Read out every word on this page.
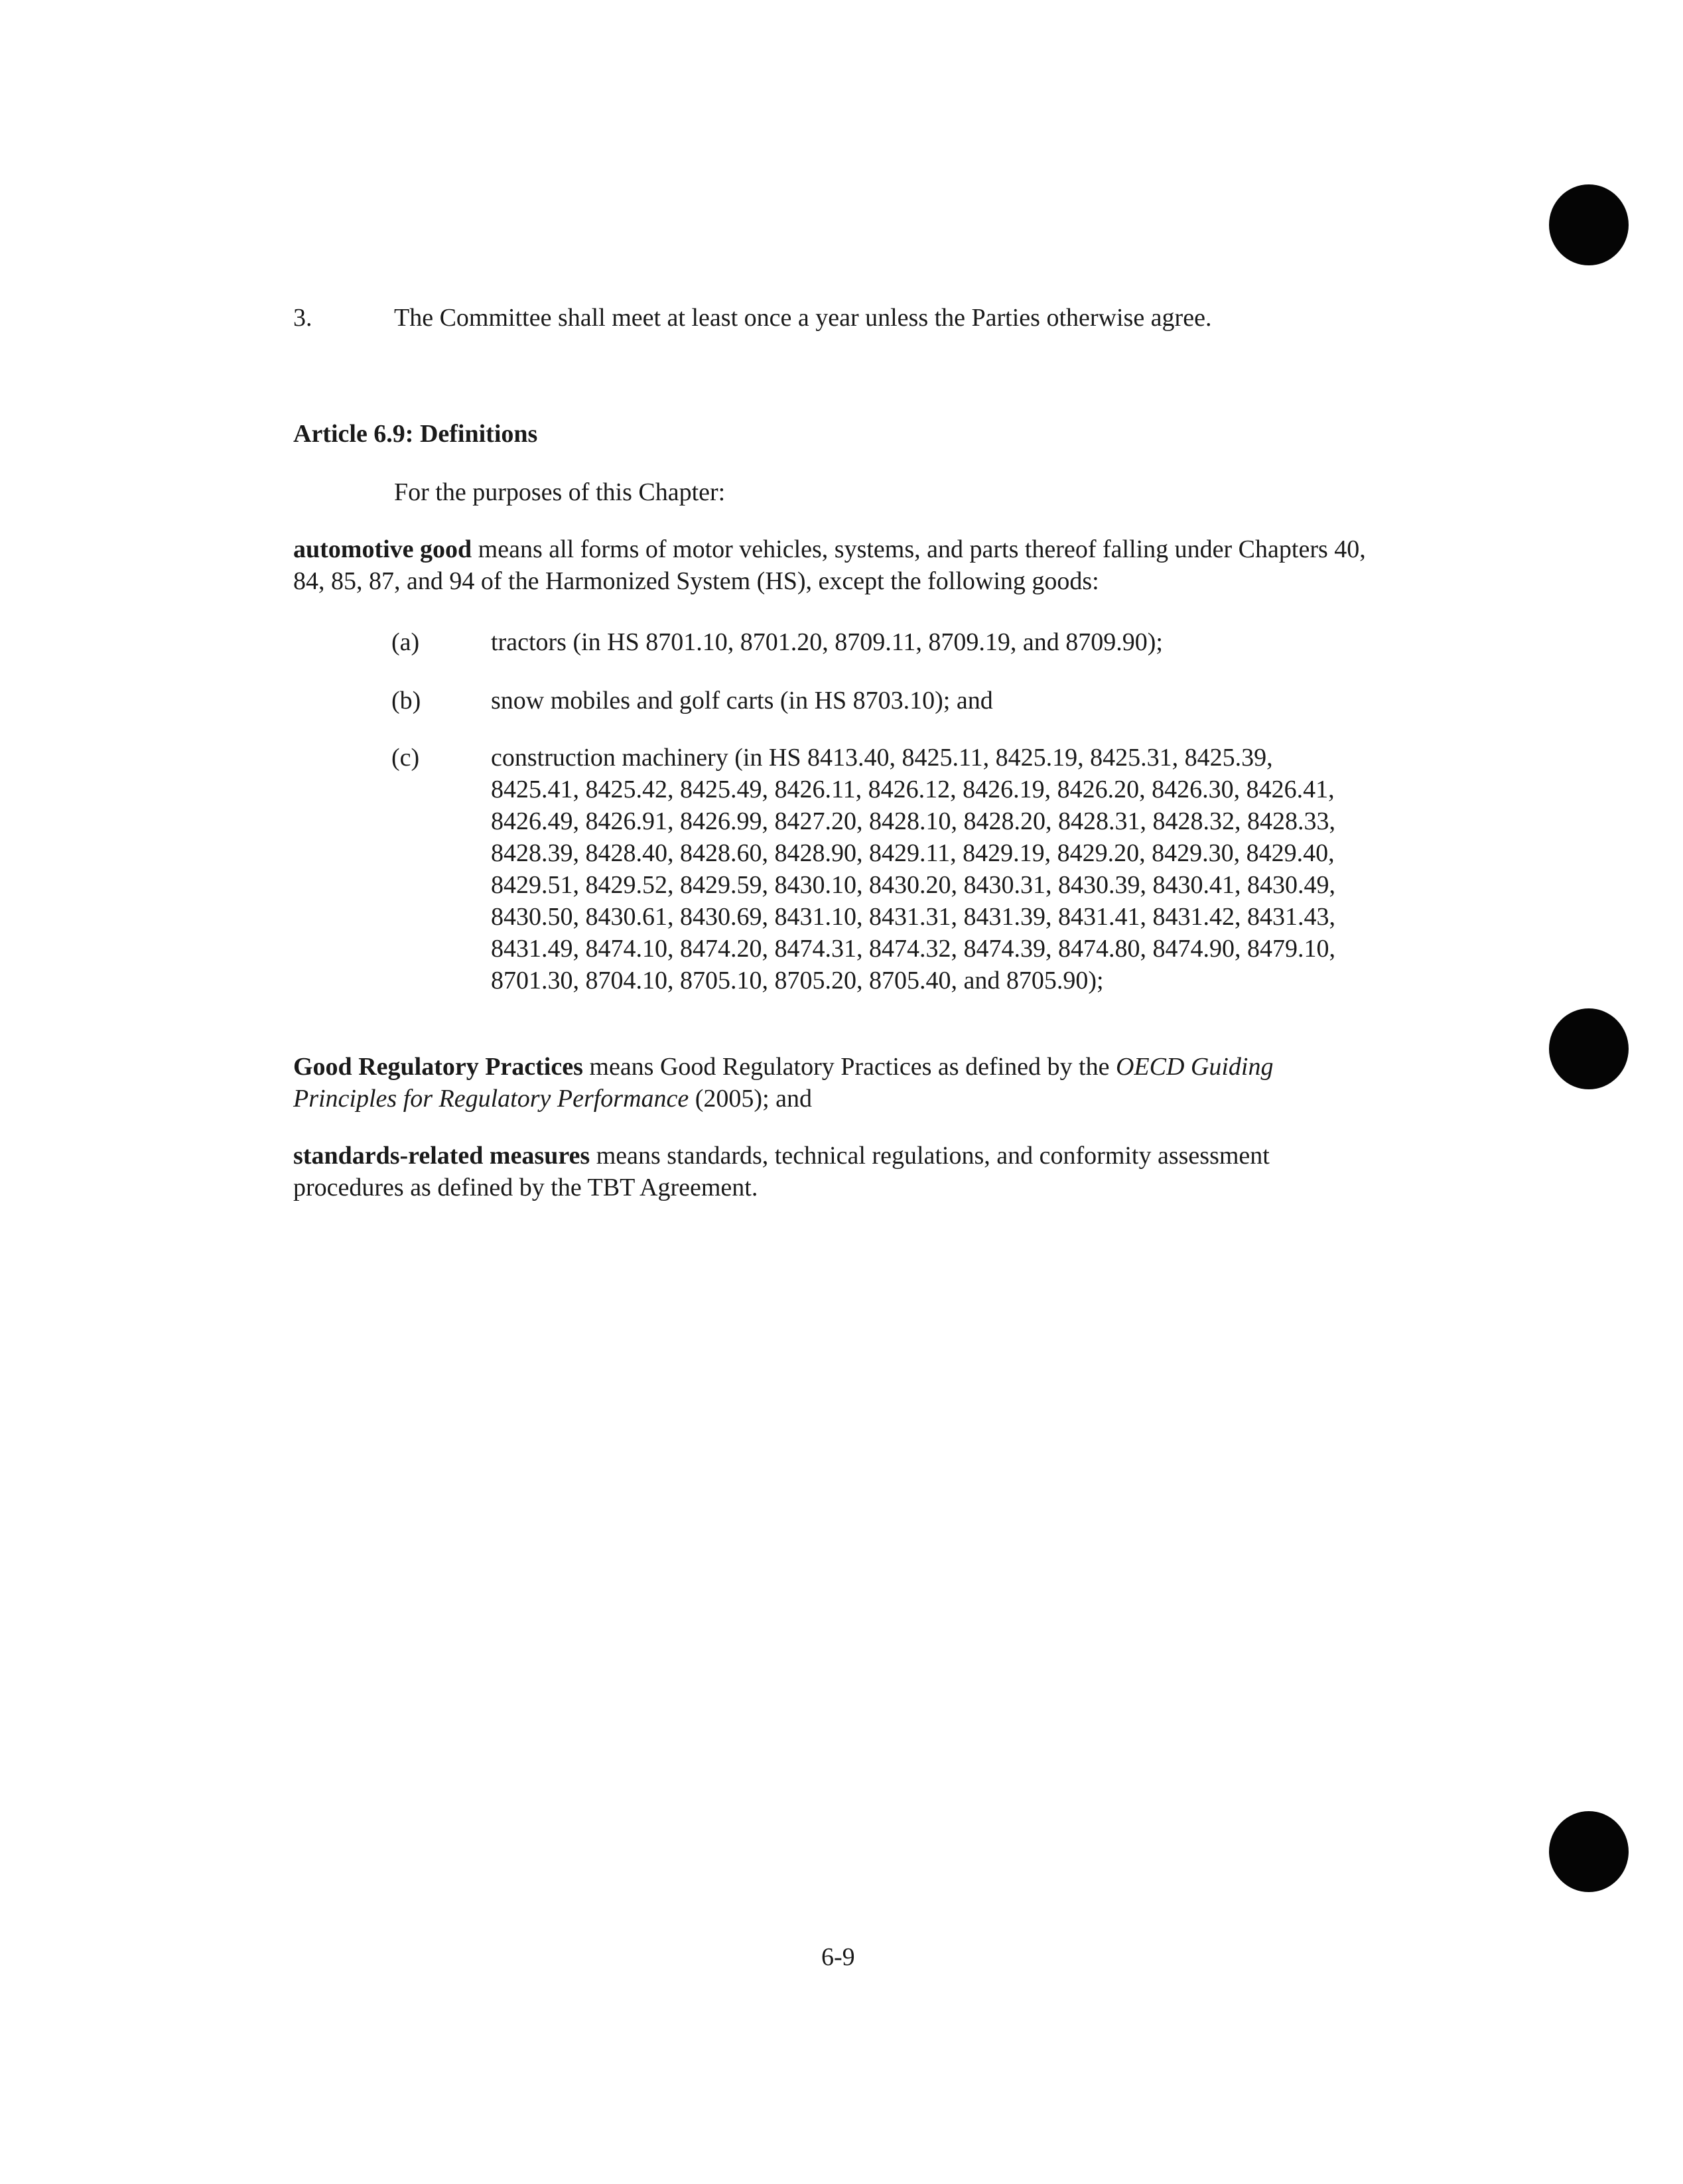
3.	The Committee shall meet at least once a year unless the Parties otherwise agree.
Article 6.9: Definitions
For the purposes of this Chapter:
automotive good means all forms of motor vehicles, systems, and parts thereof falling under Chapters 40, 84, 85, 87, and 94 of the Harmonized System (HS), except the following goods:
(a)	tractors (in HS 8701.10, 8701.20, 8709.11, 8709.19, and 8709.90);
(b)	snow mobiles and golf carts (in HS 8703.10); and
(c)	construction machinery (in HS 8413.40, 8425.11, 8425.19, 8425.31, 8425.39, 8425.41, 8425.42, 8425.49, 8426.11, 8426.12, 8426.19, 8426.20, 8426.30, 8426.41, 8426.49, 8426.91, 8426.99, 8427.20, 8428.10, 8428.20, 8428.31, 8428.32, 8428.33, 8428.39, 8428.40, 8428.60, 8428.90, 8429.11, 8429.19, 8429.20, 8429.30, 8429.40, 8429.51, 8429.52, 8429.59, 8430.10, 8430.20, 8430.31, 8430.39, 8430.41, 8430.49, 8430.50, 8430.61, 8430.69, 8431.10, 8431.31, 8431.39, 8431.41, 8431.42, 8431.43, 8431.49, 8474.10, 8474.20, 8474.31, 8474.32, 8474.39, 8474.80, 8474.90, 8479.10, 8701.30, 8704.10, 8705.10, 8705.20, 8705.40, and 8705.90);
Good Regulatory Practices means Good Regulatory Practices as defined by the OECD Guiding Principles for Regulatory Performance (2005); and
standards-related measures means standards, technical regulations, and conformity assessment procedures as defined by the TBT Agreement.
6-9
